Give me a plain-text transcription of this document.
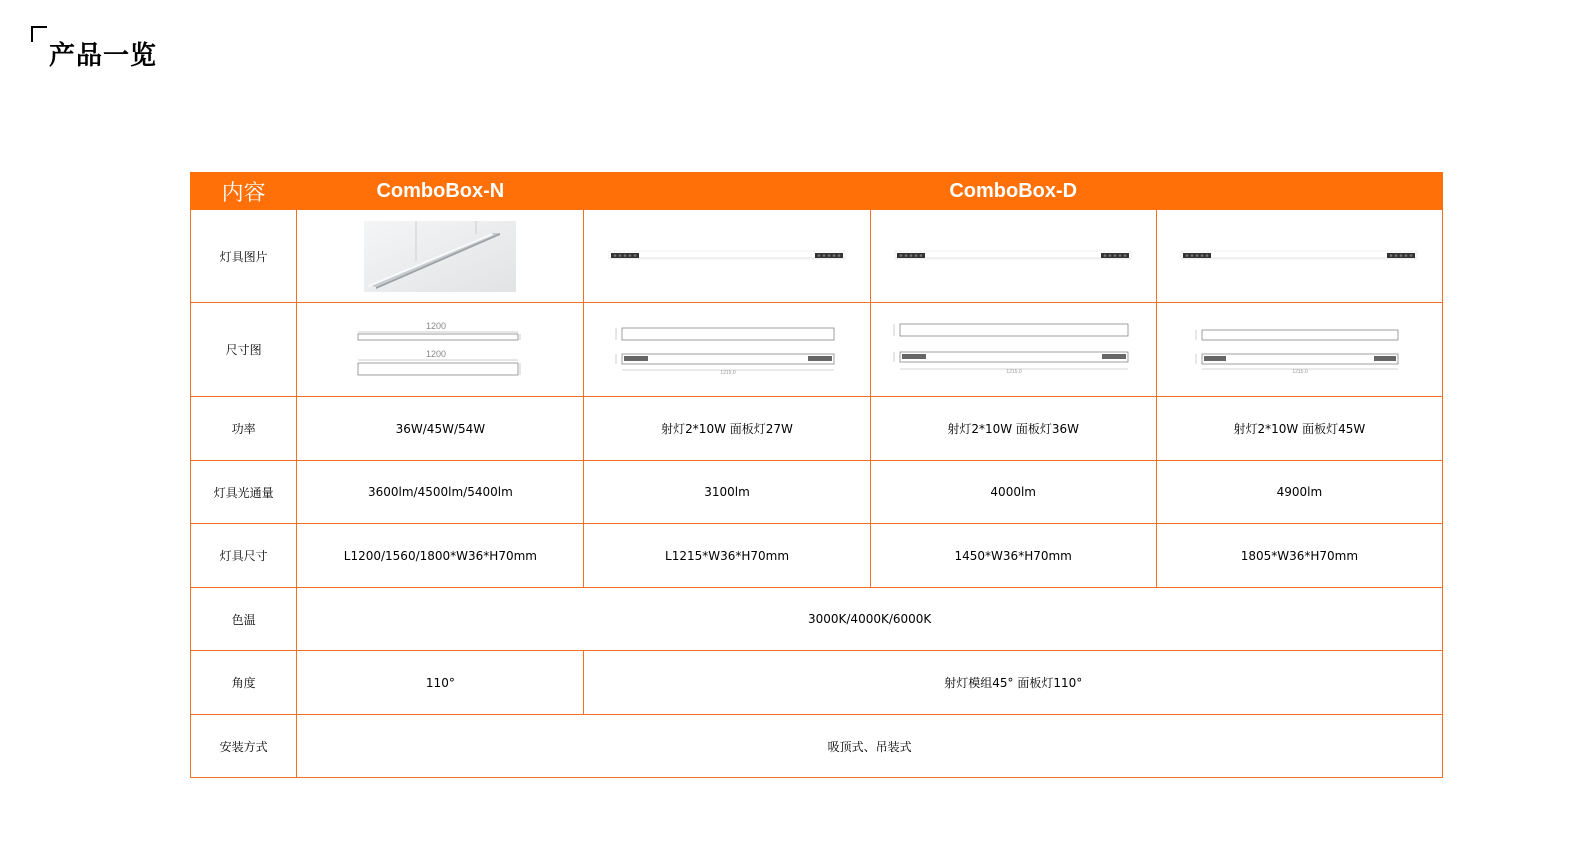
产品一览
内容	ComboBox-N	ComboBox-D		
灯具图片	

尺寸图	1200
1200	1215.0	1215.0	1215.0

功率	36W/45W/54W	射灯2*10W 面板灯27W	射灯2*10W 面板灯36W	射灯2*10W 面板灯45W
灯具光通量	3600lm/4500lm/5400lm	3100lm	4000lm	4900lm
灯具尺寸	L1200/1560/1800*W36*H70mm	L1215*W36*H70mm	1450*W36*H70mm	1805*W36*H70mm
色温	3000K/4000K/6000K			
角度	110°	射灯模组45° 面板灯110°		
安装方式	吸顶式、吊装式			
